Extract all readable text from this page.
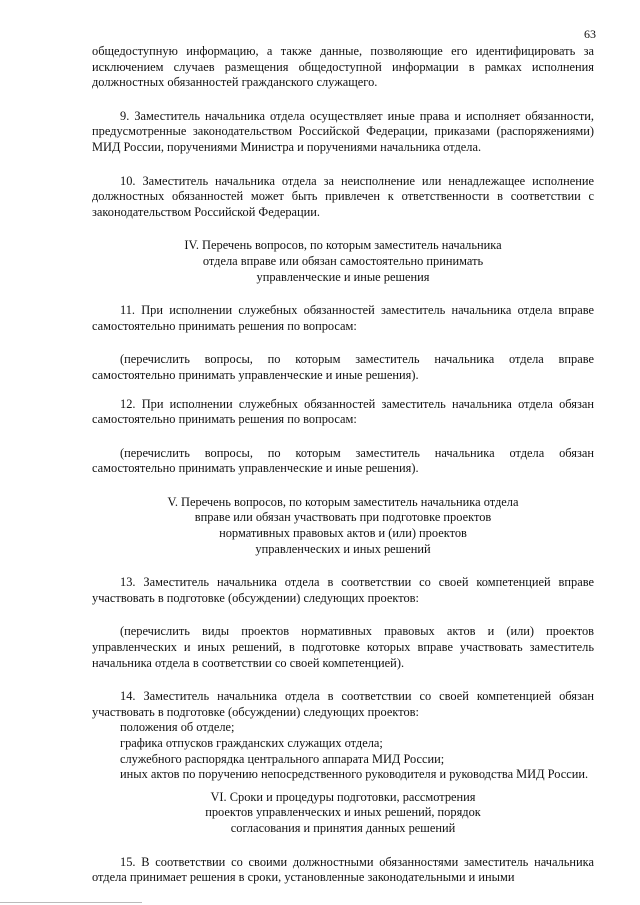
63

общедоступную информацию, а также данные, позволяющие его идентифицировать за исключением случаев размещения общедоступной информации в рамках исполнения должностных обязанностей гражданского служащего.

9. Заместитель начальника отдела осуществляет иные права и исполняет обязанности, предусмотренные законодательством Российской Федерации, приказами (распоряжениями) МИД России, поручениями Министра и поручениями начальника отдела.

10. Заместитель начальника отдела за неисполнение или ненадлежащее исполнение должностных обязанностей может быть привлечен к ответственности в соответствии с законодательством Российской Федерации.

IV. Перечень вопросов, по которым заместитель начальника
отдела вправе или обязан самостоятельно принимать
управленческие и иные решения

11. При исполнении служебных обязанностей заместитель начальника отдела вправе самостоятельно принимать решения по вопросам:

(перечислить вопросы, по которым заместитель начальника отдела вправе самостоятельно принимать управленческие и иные решения).

12. При исполнении служебных обязанностей заместитель начальника отдела обязан самостоятельно принимать решения по вопросам:

(перечислить вопросы, по которым заместитель начальника отдела обязан самостоятельно принимать управленческие и иные решения).

V. Перечень вопросов, по которым заместитель начальника отдела
вправе или обязан участвовать при подготовке проектов
нормативных правовых актов и (или) проектов
управленческих и иных решений

13. Заместитель начальника отдела в соответствии со своей компетенцией вправе участвовать в подготовке (обсуждении) следующих проектов:

(перечислить виды проектов нормативных правовых актов и (или) проектов управленческих и иных решений, в подготовке которых вправе участвовать заместитель начальника отдела в соответствии со своей компетенцией).

14. Заместитель начальника отдела в соответствии со своей компетенцией обязан участвовать в подготовке (обсуждении) следующих проектов:

положения об отделе;

графика отпусков гражданских служащих отдела;

служебного распорядка центрального аппарата МИД России;

иных актов по поручению непосредственного руководителя и руководства МИД России.

VI. Сроки и процедуры подготовки, рассмотрения
проектов управленческих и иных решений, порядок
согласования и принятия данных решений

15. В соответствии со своими должностными обязанностями заместитель начальника отдела принимает решения в сроки, установленные законодательными и иными
